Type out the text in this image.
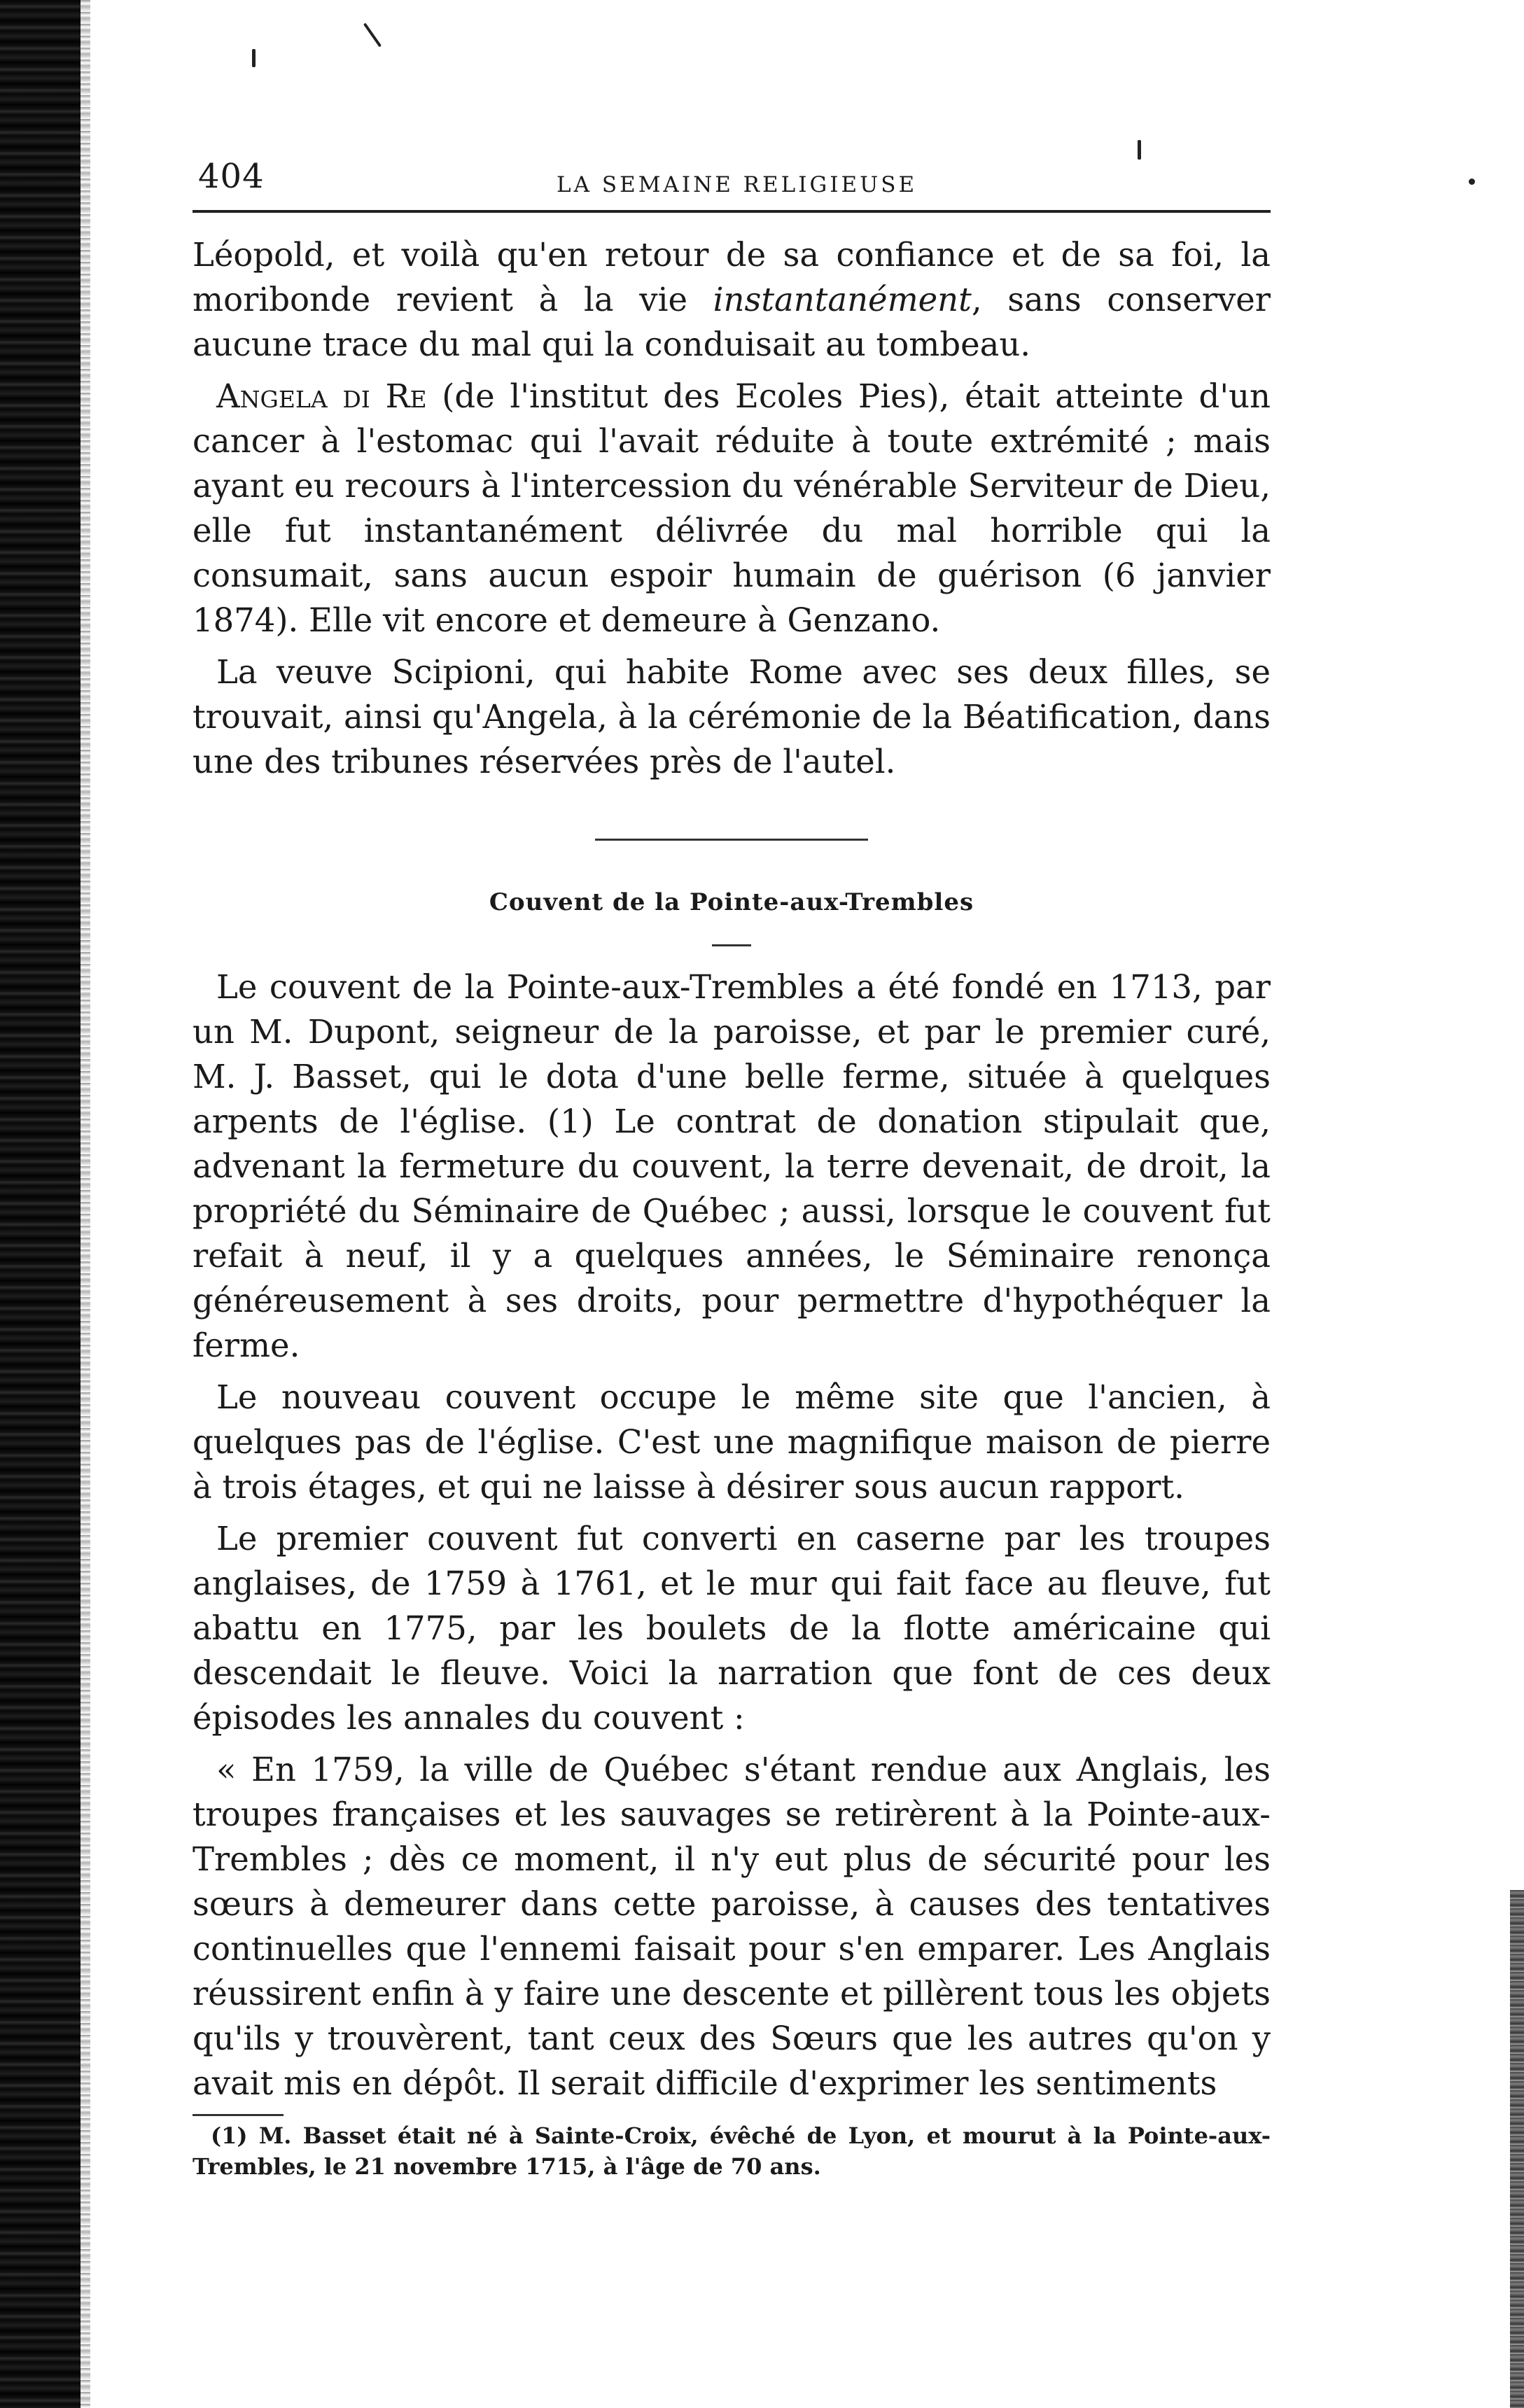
404	LA SEMAINE RELIGIEUSE

Léopold, et voilà qu'en retour de sa confiance et de sa foi, la moribonde revient à la vie instantanément, sans conserver aucune trace du mal qui la conduisait au tombeau.

Angela di Re (de l'institut des Ecoles Pies), était atteinte d'un cancer à l'estomac qui l'avait réduite à toute extrémité ; mais ayant eu recours à l'intercession du vénérable Serviteur de Dieu, elle fut instantanément délivrée du mal horrible qui la consumait, sans aucun espoir humain de guérison (6 janvier 1874). Elle vit encore et demeure à Genzano.

La veuve Scipioni, qui habite Rome avec ses deux filles, se trouvait, ainsi qu'Angela, à la cérémonie de la Béatification, dans une des tribunes réservées près de l'autel.

Couvent de la Pointe-aux-Trembles

Le couvent de la Pointe-aux-Trembles a été fondé en 1713, par un M. Dupont, seigneur de la paroisse, et par le premier curé, M. J. Basset, qui le dota d'une belle ferme, située à quelques arpents de l'église. (1) Le contrat de donation stipulait que, advenant la fermeture du couvent, la terre devenait, de droit, la propriété du Séminaire de Québec ; aussi, lorsque le couvent fut refait à neuf, il y a quelques années, le Séminaire renonça généreusement à ses droits, pour permettre d'hypothéquer la ferme.

Le nouveau couvent occupe le même site que l'ancien, à quelques pas de l'église. C'est une magnifique maison de pierre à trois étages, et qui ne laisse à désirer sous aucun rapport.

Le premier couvent fut converti en caserne par les troupes anglaises, de 1759 à 1761, et le mur qui fait face au fleuve, fut abattu en 1775, par les boulets de la flotte américaine qui descendait le fleuve. Voici la narration que font de ces deux épisodes les annales du couvent :

« En 1759, la ville de Québec s'étant rendue aux Anglais, les troupes françaises et les sauvages se retirèrent à la Pointe-aux-Trembles ; dès ce moment, il n'y eut plus de sécurité pour les sœurs à demeurer dans cette paroisse, à causes des tentatives continuelles que l'ennemi faisait pour s'en emparer. Les Anglais réussirent enfin à y faire une descente et pillèrent tous les objets qu'ils y trouvèrent, tant ceux des Sœurs que les autres qu'on y avait mis en dépôt. Il serait difficile d'exprimer les sentiments

(1) M. Basset était né à Sainte-Croix, évêché de Lyon, et mourut à la Pointe-aux-Trembles, le 21 novembre 1715, à l'âge de 70 ans.
